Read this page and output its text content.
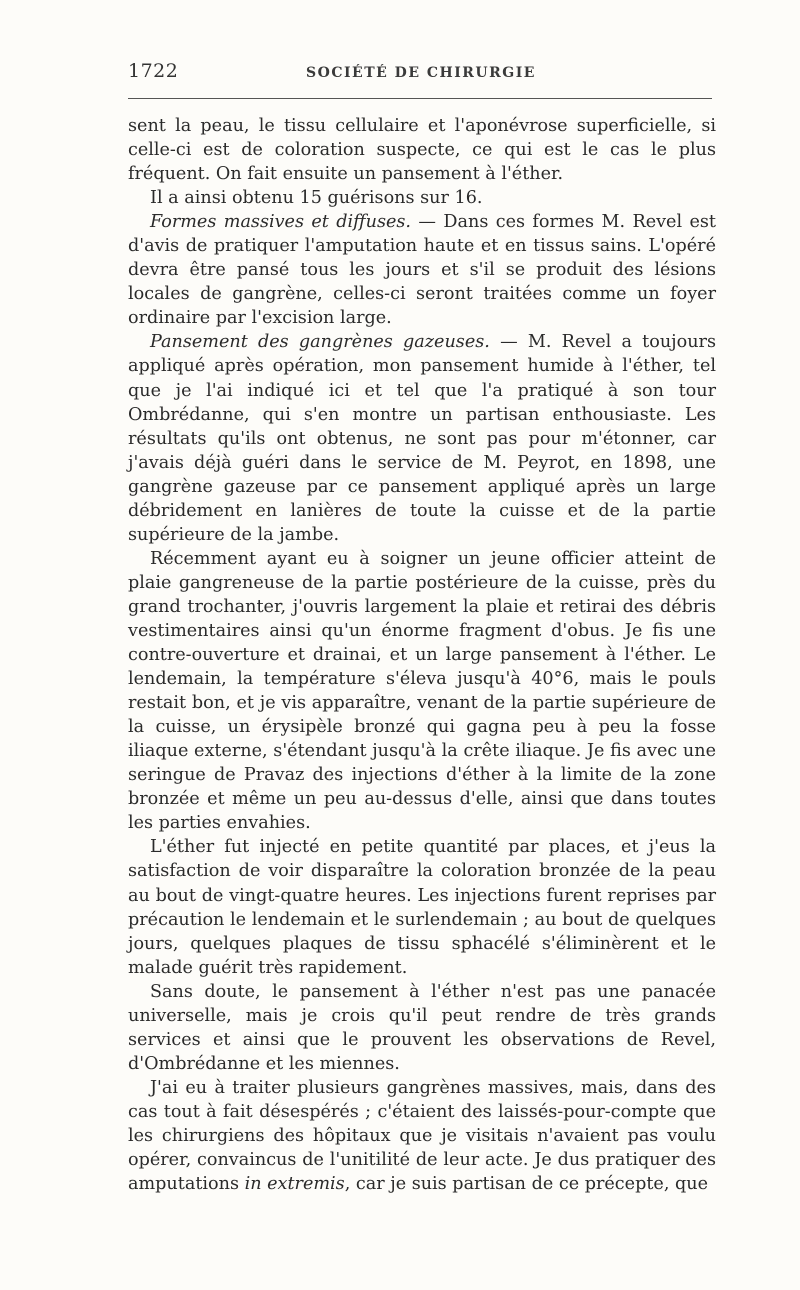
1722	SOCIÉTÉ DE CHIRURGIE

sent la peau, le tissu cellulaire et l'aponévrose superficielle, si celle-ci est de coloration suspecte, ce qui est le cas le plus fréquent. On fait ensuite un pansement à l'éther.

Il a ainsi obtenu 15 guérisons sur 16.

Formes massives et diffuses. — Dans ces formes M. Revel est d'avis de pratiquer l'amputation haute et en tissus sains. L'opéré devra être pansé tous les jours et s'il se produit des lésions locales de gangrène, celles-ci seront traitées comme un foyer ordinaire par l'excision large.

Pansement des gangrènes gazeuses. — M. Revel a toujours appliqué après opération, mon pansement humide à l'éther, tel que je l'ai indiqué ici et tel que l'a pratiqué à son tour Ombrédanne, qui s'en montre un partisan enthousiaste. Les résultats qu'ils ont obtenus, ne sont pas pour m'étonner, car j'avais déjà guéri dans le service de M. Peyrot, en 1898, une gangrène gazeuse par ce pansement appliqué après un large débridement en lanières de toute la cuisse et de la partie supérieure de la jambe.

Récemment ayant eu à soigner un jeune officier atteint de plaie gangreneuse de la partie postérieure de la cuisse, près du grand trochanter, j'ouvris largement la plaie et retirai des débris vestimentaires ainsi qu'un énorme fragment d'obus. Je fis une contre-ouverture et drainai, et un large pansement à l'éther. Le lendemain, la température s'éleva jusqu'à 40°6, mais le pouls restait bon, et je vis apparaître, venant de la partie supérieure de la cuisse, un érysipèle bronzé qui gagna peu à peu la fosse iliaque externe, s'étendant jusqu'à la crête iliaque. Je fis avec une seringue de Pravaz des injections d'éther à la limite de la zone bronzée et même un peu au-dessus d'elle, ainsi que dans toutes les parties envahies.

L'éther fut injecté en petite quantité par places, et j'eus la satisfaction de voir disparaître la coloration bronzée de la peau au bout de vingt-quatre heures. Les injections furent reprises par précaution le lendemain et le surlendemain ; au bout de quelques jours, quelques plaques de tissu sphacélé s'éliminèrent et le malade guérit très rapidement.

Sans doute, le pansement à l'éther n'est pas une panacée universelle, mais je crois qu'il peut rendre de très grands services et ainsi que le prouvent les observations de Revel, d'Ombrédanne et les miennes.

J'ai eu à traiter plusieurs gangrènes massives, mais, dans des cas tout à fait désespérés ; c'étaient des laissés-pour-compte que les chirurgiens des hôpitaux que je visitais n'avaient pas voulu opérer, convaincus de l'unitilité de leur acte. Je dus pratiquer des amputations in extremis, car je suis partisan de ce précepte, que
